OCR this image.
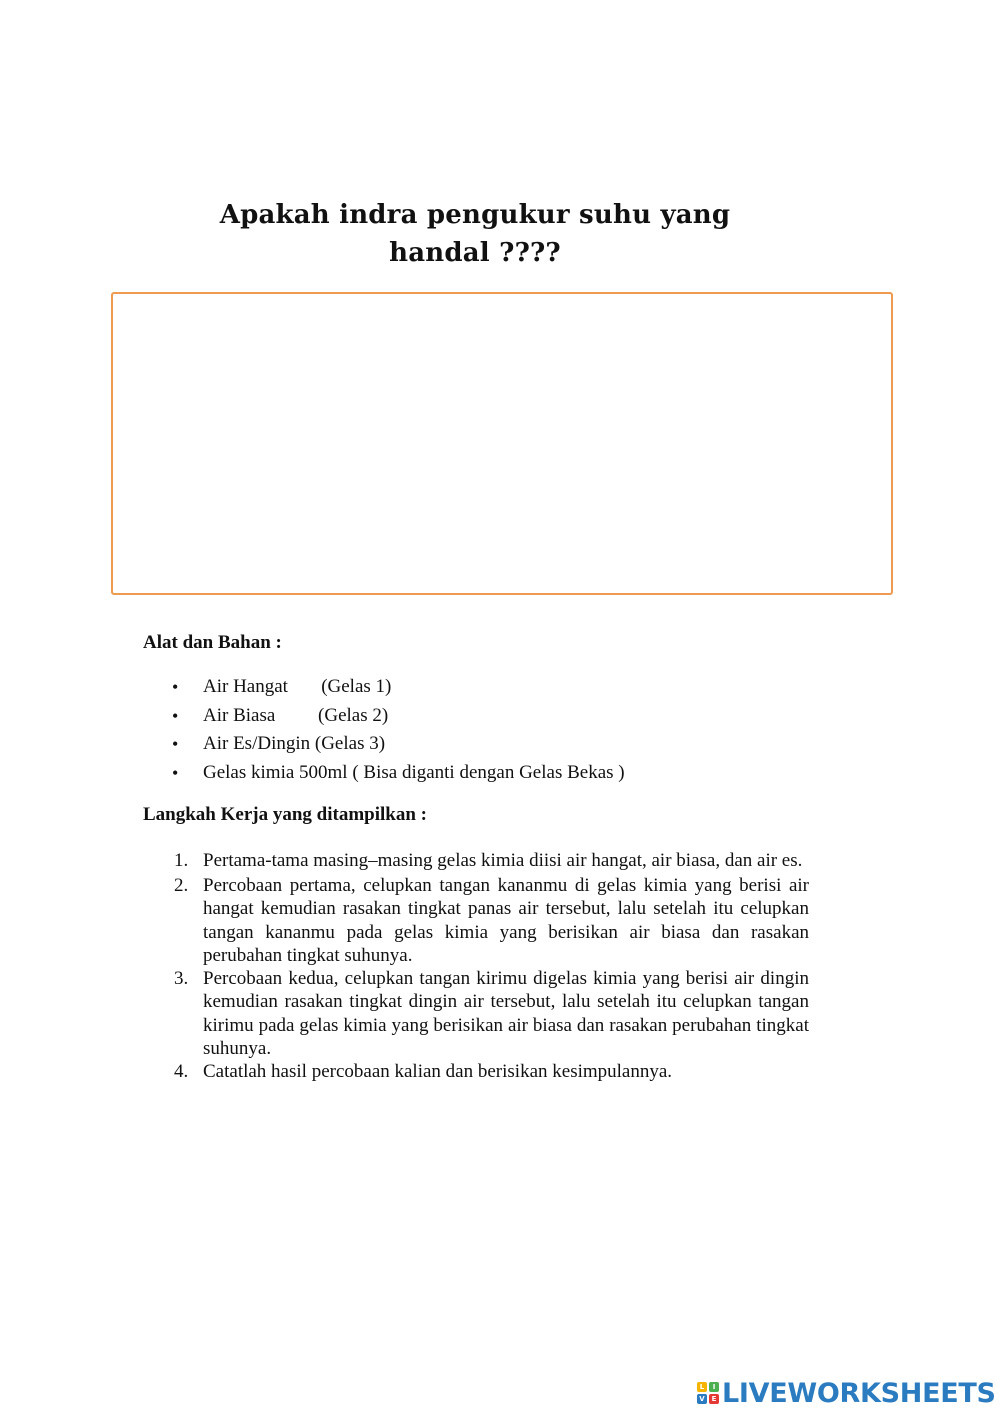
Apakah indra pengukur suhu yang
handal ????
Alat dan Bahan :
• Air Hangat       (Gelas 1)
• Air Biasa         (Gelas 2)
• Air Es/Dingin (Gelas 3)
• Gelas kimia 500ml ( Bisa diganti dengan Gelas Bekas )
Langkah Kerja yang ditampilkan :
1. Pertama-tama masing–masing gelas kimia diisi air hangat, air biasa, dan air es.
2. Percobaan pertama, celupkan tangan kananmu di gelas kimia yang berisi air hangat kemudian rasakan tingkat panas air tersebut, lalu setelah itu celupkan tangan kananmu pada gelas kimia yang berisikan air biasa dan rasakan perubahan tingkat suhunya.
3. Percobaan kedua, celupkan tangan kirimu digelas kimia yang berisi air dingin kemudian rasakan tingkat dingin air tersebut, lalu setelah itu celupkan tangan kirimu pada gelas kimia yang berisikan air biasa dan rasakan perubahan tingkat suhunya.
4. Catatlah hasil percobaan kalian dan berisikan kesimpulannya.
L	I
V E LIVEWORKSHEETS
